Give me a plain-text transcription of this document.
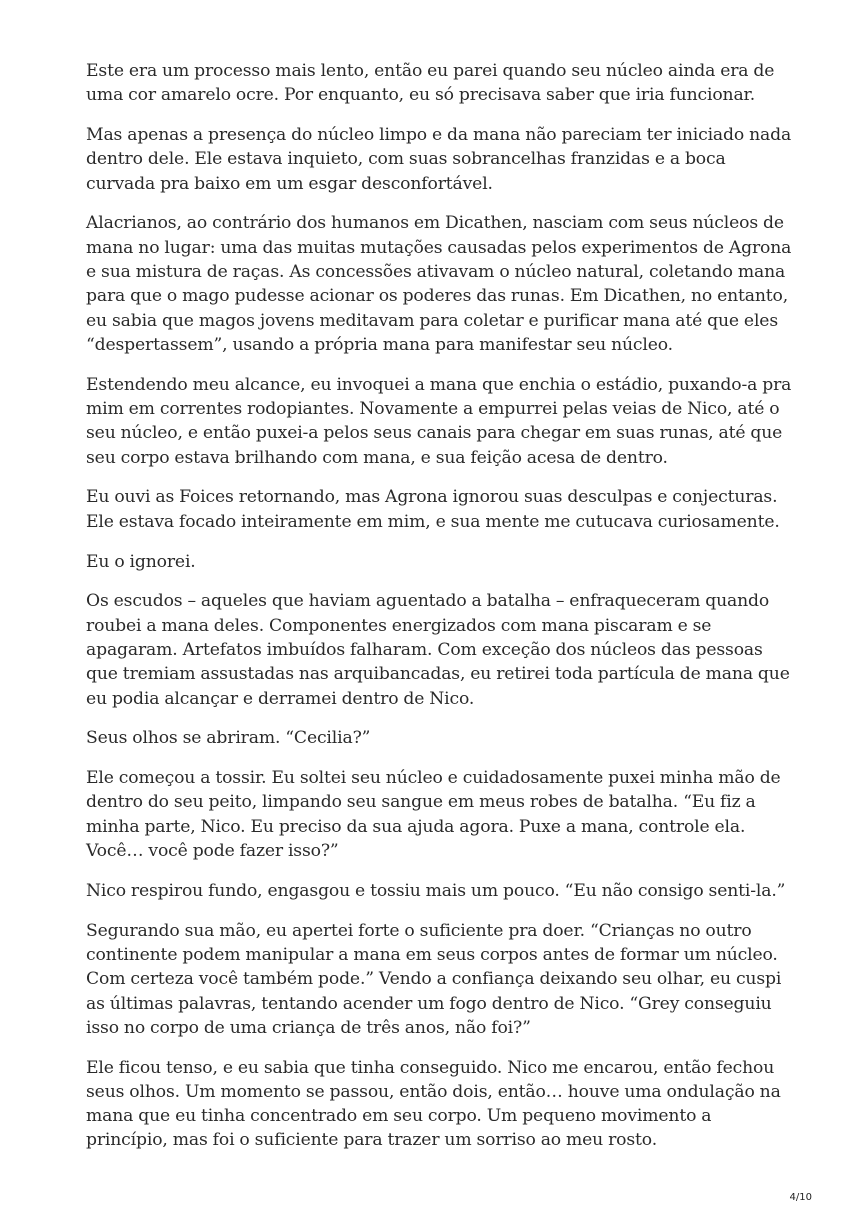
Este era um processo mais lento, então eu parei quando seu núcleo ainda era de uma cor amarelo ocre. Por enquanto, eu só precisava saber que iria funcionar.

Mas apenas a presença do núcleo limpo e da mana não pareciam ter iniciado nada dentro dele. Ele estava inquieto, com suas sobrancelhas franzidas e a boca curvada pra baixo em um esgar desconfortável.

Alacrianos, ao contrário dos humanos em Dicathen, nasciam com seus núcleos de mana no lugar: uma das muitas mutações causadas pelos experimentos de Agrona e sua mistura de raças. As concessões ativavam o núcleo natural, coletando mana para que o mago pudesse acionar os poderes das runas. Em Dicathen, no entanto, eu sabia que magos jovens meditavam para coletar e purificar mana até que eles “despertassem”, usando a própria mana para manifestar seu núcleo.

Estendendo meu alcance, eu invoquei a mana que enchia o estádio, puxando-a pra mim em correntes rodopiantes. Novamente a empurrei pelas veias de Nico, até o seu núcleo, e então puxei-a pelos seus canais para chegar em suas runas, até que seu corpo estava brilhando com mana, e sua feição acesa de dentro.

Eu ouvi as Foices retornando, mas Agrona ignorou suas desculpas e conjecturas. Ele estava focado inteiramente em mim, e sua mente me cutucava curiosamente.

Eu o ignorei.

Os escudos – aqueles que haviam aguentado a batalha – enfraqueceram quando roubei a mana deles. Componentes energizados com mana piscaram e se apagaram. Artefatos imbuídos falharam. Com exceção dos núcleos das pessoas que tremiam assustadas nas arquibancadas, eu retirei toda partícula de mana que eu podia alcançar e derramei dentro de Nico.

Seus olhos se abriram. “Cecilia?”

Ele começou a tossir. Eu soltei seu núcleo e cuidadosamente puxei minha mão de dentro do seu peito, limpando seu sangue em meus robes de batalha. “Eu fiz a minha parte, Nico. Eu preciso da sua ajuda agora. Puxe a mana, controle ela. Você… você pode fazer isso?”

Nico respirou fundo, engasgou e tossiu mais um pouco. “Eu não consigo senti-la.”

Segurando sua mão, eu apertei forte o suficiente pra doer. “Crianças no outro continente podem manipular a mana em seus corpos antes de formar um núcleo. Com certeza você também pode.” Vendo a confiança deixando seu olhar, eu cuspi as últimas palavras, tentando acender um fogo dentro de Nico. “Grey conseguiu isso no corpo de uma criança de três anos, não foi?”

Ele ficou tenso, e eu sabia que tinha conseguido. Nico me encarou, então fechou seus olhos. Um momento se passou, então dois, então… houve uma ondulação na mana que eu tinha concentrado em seu corpo. Um pequeno movimento a princípio, mas foi o suficiente para trazer um sorriso ao meu rosto.

4/10
